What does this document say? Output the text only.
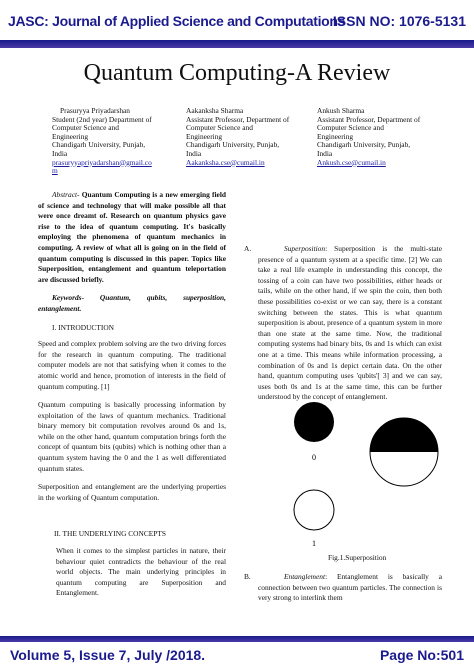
JASC: Journal of Applied Science and Computations
ISSN NO: 1076-5131
Quantum Computing-A Review
Prasuryya Priyadarshan
Student (2nd year) Department of
Computer Science and
Engineering
Chandigarh University, Punjab,
India
prasuryyapriyadarshan@gmail.co
m
Aakanksha Sharma
Assistant Professor, Department of
Computer Science and
Engineering
Chandigarh University, Punjab,
India
Aakanksha.cse@cumail.in
Ankush Sharma
Assistant Professor, Department of
Computer Science and
Engineering
Chandigarh University, Punjab,
India
Ankush.cse@cumail.in
Abstract- Quantum Computing is a new emerging field of science and technology that will make possible all that were once dreamt of. Research on quantum physics gave rise to the idea of quantum computing. It's basically employing the phenomena of quantum mechanics in computing. A review of what all is going on in the field of quantum computing is discussed in this paper. Topics like Superposition, entanglement and quantum teleportation are discussed briefly.
Keywords- Quantum, qubits, superposition, entanglement.
I. INTRODUCTION

Speed and complex problem solving are the two driving forces for the research in quantum computing. The traditional computer models are not that satisfying when it comes to the atomic world and hence, promotion of interests in the field of quantum computing. [1]

Quantum computing is basically processing information by exploitation of the laws of quantum mechanics. Traditional binary memory bit computation revolves around 0s and 1s, while on the other hand, quantum computation brings forth the concept of quantum bits (qubits) which is nothing other than a quantum system having the 0 and the 1 as well differentiated quantum states.

Superposition and entanglement are the underlying properties in the working of Quantum computation.

II. THE UNDERLYING CONCEPTS

When it comes to the simplest particles in nature, their behaviour quiet contradicts the behaviour of the real world objects. The main underlying principles in quantum computing are Superposition and Entanglement.

A.	Superposition: Superposition is the multi-state presence of a quantum system at a specific time. [2] We can take a real life example in understanding this concept, the tossing of a coin can have two possibilities, either heads or tails, while on the other hand, if we spin the coin, then both these possibilities co-exist or we can say, there is a constant switching between the states. This is what quantum superposition is about, presence of a quantum system in more than one state at the same time. Now, the traditional computing systems had binary bits, 0s and 1s which can exist one at a time. This means while information processing, a combination of 0s and 1s depict certain data. On the other hand, quantum computing uses 'qubits'[ 3] and we can say, uses both 0s and 1s at the same time, this can be further understood by the concept of entanglement.
0
1
Fig.1.Superposition
B.	Entanglement: Entanglement is basically a connection between two quantum particles. The connection is very strong to interlink them
Volume 5, Issue 7, July /2018.	Page No:501
